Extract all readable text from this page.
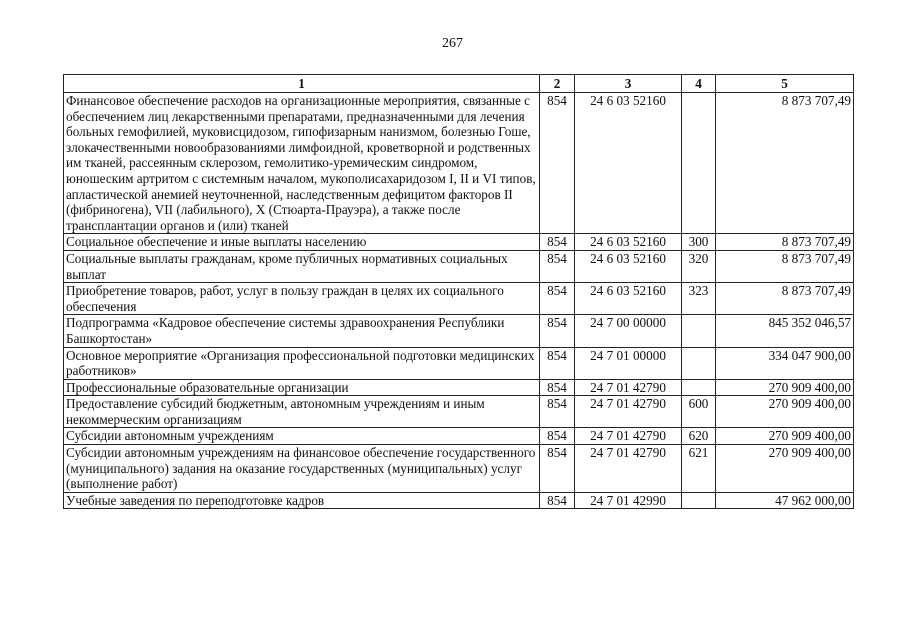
267
1	2	3	4	5
Финансовое обеспечение расходов на организационные мероприятия, связанные с обеспечением лиц лекарственными препаратами, предназначенными для лечения больных гемофилией, муковисцидозом, гипофизарным нанизмом, болезнью Гоше, злокачественными новообразованиями лимфоидной, кроветворной и родственных им тканей, рассеянным склерозом, гемолитико-уремическим синдромом, юношеским артритом с системным началом, мукополисахаридозом I, II и VI типов, апластической анемией неуточненной, наследственным дефицитом факторов II (фибриногена), VII (лабильного), X (Стюарта-Прауэра), а также после трансплантации органов и (или) тканей	854	24 6 03 52160		8 873 707,49
Социальное обеспечение и иные выплаты населению	854	24 6 03 52160	300	8 873 707,49
Социальные выплаты гражданам, кроме публичных нормативных социальных выплат	854	24 6 03 52160	320	8 873 707,49
Приобретение товаров, работ, услуг в пользу граждан в целях их социального обеспечения	854	24 6 03 52160	323	8 873 707,49
Подпрограмма «Кадровое обеспечение системы здравоохранения Республики Башкортостан»	854	24 7 00 00000		845 352 046,57
Основное мероприятие «Организация профессиональной подготовки медицинских работников»	854	24 7 01 00000		334 047 900,00
Профессиональные образовательные организации	854	24 7 01 42790		270 909 400,00
Предоставление субсидий бюджетным, автономным учреждениям и иным некоммерческим организациям	854	24 7 01 42790	600	270 909 400,00
Субсидии автономным учреждениям	854	24 7 01 42790	620	270 909 400,00
Субсидии автономным учреждениям на финансовое обеспечение государственного (муниципального) задания на оказание государственных (муниципальных) услуг (выполнение работ)	854	24 7 01 42790	621	270 909 400,00
Учебные заведения по переподготовке кадров	854	24 7 01 42990		47 962 000,00
